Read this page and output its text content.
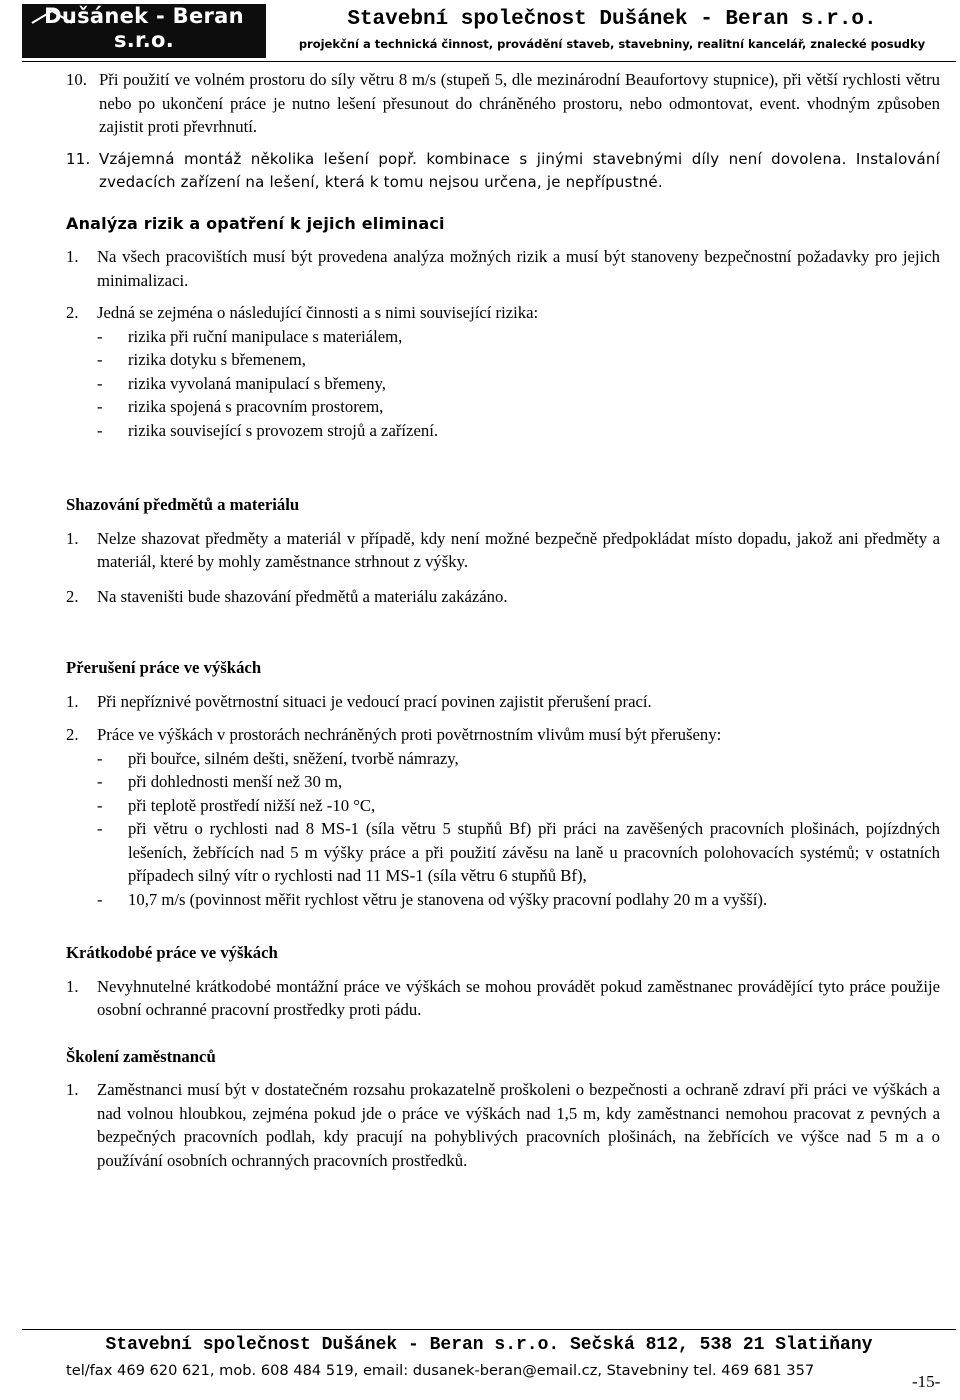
Dušánek - Beran s.r.o.
Stavební společnost Dušánek - Beran s.r.o.
projekční a technická činnost, provádění staveb, stavebniny, realitní kancelář, znalecké posudky
10. Při použití ve volném prostoru do síly větru 8 m/s (stupeň 5, dle mezinárodní Beaufortovy stupnice), při větší rychlosti větru nebo po ukončení práce je nutno lešení přesunout do chráněného prostoru, nebo odmontovat, event. vhodným způsoben zajistit proti převrhnutí.
11. Vzájemná montáž několika lešení popř. kombinace s jinými stavebnými díly není dovolena. Instalování zvedacích zařízení na lešení, která k tomu nejsou určena, je nepřípustné.
Analýza rizik a opatření k jejich eliminaci
1.	Na všech pracovištích musí být provedena analýza možných rizik a musí být stanoveny bezpečnostní požadavky pro jejich minimalizaci.
2.	Jedná se zejména o následující činnosti a s nimi související rizika:
-	rizika při ruční manipulace s materiálem,
-	rizika dotyku s břemenem,
-	rizika vyvolaná manipulací s břemeny,
-	rizika spojená s pracovním prostorem,
-	rizika související s provozem strojů a zařízení.
Shazování předmětů a materiálu
1.	Nelze shazovat předměty a materiál v případě, kdy není možné bezpečně předpokládat místo dopadu, jakož ani předměty a materiál, které by mohly zaměstnance strhnout z výšky.
2.	Na staveništi bude shazování předmětů a materiálu zakázáno.
Přerušení práce ve výškách
1.	Při nepříznivé povětrnostní situaci je vedoucí prací povinen zajistit přerušení prací.
2.	Práce ve výškách v prostorách nechráněných proti povětrnostním vlivům musí být přerušeny:
-	při bouřce, silném dešti, sněžení, tvorbě námrazy,
-	při dohlednosti menší než 30 m,
-	při teplotě prostředí nižší než -10 °C,
-	při větru o rychlosti nad 8 MS-1 (síla větru 5 stupňů Bf) při práci na zavěšených pracovních plošinách, pojízdných lešeních, žebřících nad 5 m výšky práce a při použití závěsu na laně u pracovních polohovacích systémů; v ostatních případech silný vítr o rychlosti nad 11 MS-1 (síla větru 6 stupňů Bf),
-	10,7 m/s (povinnost měřit rychlost větru je stanovena od výšky pracovní podlahy 20 m a vyšší).
Krátkodobé práce ve výškách
1.	Nevyhnutelné krátkodobé montážní práce ve výškách se mohou provádět pokud zaměstnanec provádějící tyto práce použije osobní ochranné pracovní prostředky proti pádu.
Školení zaměstnanců
1.	Zaměstnanci musí být v dostatečném rozsahu prokazatelně proškoleni o bezpečnosti a ochraně zdraví při práci ve výškách a nad volnou hloubkou, zejména pokud jde o práce ve výškách nad 1,5 m, kdy zaměstnanci nemohou pracovat z pevných a bezpečných pracovních podlah, kdy pracují na pohyblivých pracovních plošinách, na žebřících ve výšce nad 5 m a o používání osobních ochranných pracovních prostředků.
Stavební společnost Dušánek - Beran s.r.o. Sečská 812, 538 21 Slatiňany
tel/fax 469 620 621, mob. 608 484 519, email: dusanek-beran@email.cz, Stavebniny tel. 469 681 357
-15-
